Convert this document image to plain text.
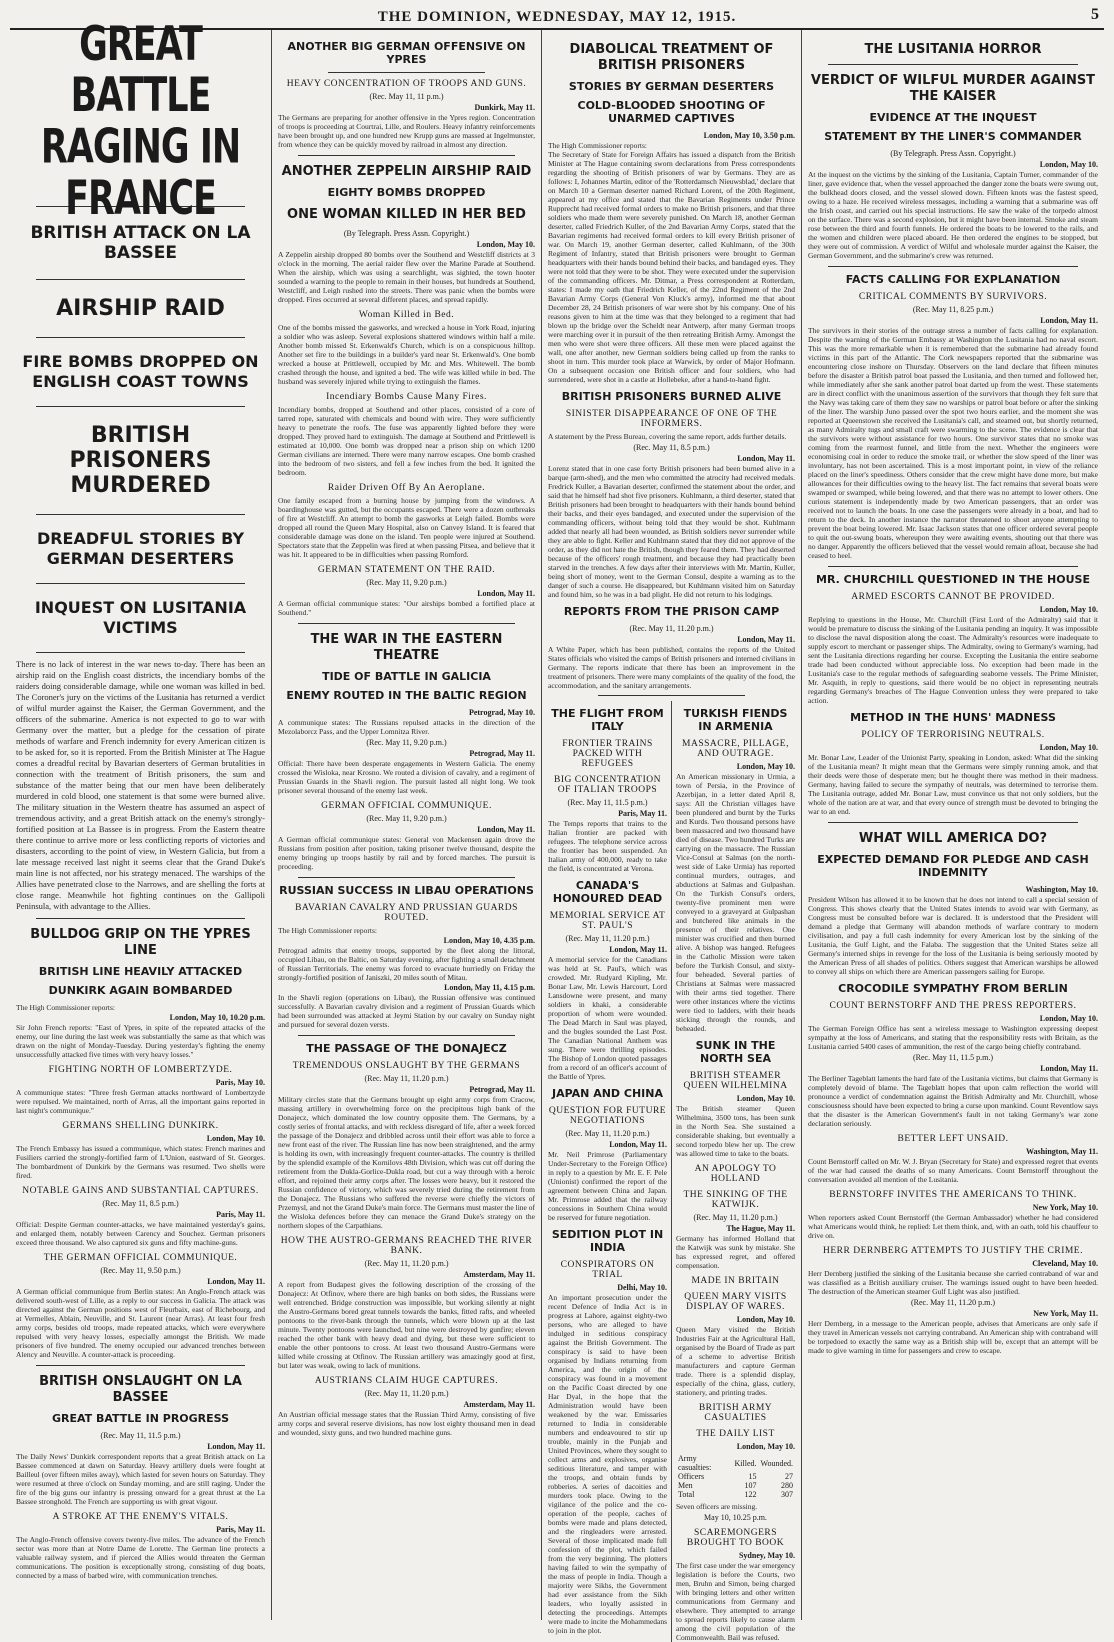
THE DOMINION, WEDNESDAY, MAY 12, 1915.	5
GREAT BATTLE RAGING IN FRANCE
BRITISH ATTACK ON LA BASSEE
AIRSHIP RAID
FIRE BOMBS DROPPED ON ENGLISH COAST TOWNS
BRITISH PRISONERS MURDERED
DREADFUL STORIES BY GERMAN DESERTERS
INQUEST ON LUSITANIA VICTIMS

There is no lack of interest in the war news to-day. There has been an airship raid on the English coast districts, the incendiary bombs of the raiders doing considerable damage, while one woman was killed in bed. The Coroner's jury on the victims of the Lusitania has returned a verdict of wilful murder against the Kaiser, the German Government, and the officers of the submarine. America is not expected to go to war with Germany over the matter, but a pledge for the cessation of pirate methods of warfare and French indemnity for every American citizen is to be asked for, so it is reported. From the British Minister at The Hague comes a dreadful recital by Bavarian deserters of German brutalities in connection with the treatment of British prisoners, the sum and substance of the matter being that our men have been deliberately murdered in cold blood, one statement is that some were burned alive. The military situation in the Western theatre has assumed an aspect of tremendous activity, and a great British attack on the enemy's strongly-fortified position at La Bassee is in progress. From the Eastern theatre there continue to arrive more or less conflicting reports of victories and disasters, according to the point of view, in Western Galicia, but from a late message received last night it seems clear that the Grand Duke's main line is not affected, nor his strategy menaced. The warships of the Allies have penetrated close to the Narrows, and are shelling the forts at close range. Meanwhile hot fighting continues on the Gallipoli Peninsula, with advantage to the Allies.

BULLDOG GRIP ON THE YPRES LINE
BRITISH LINE HEAVILY ATTACKED
DUNKIRK AGAIN BOMBARDED

The High Commissioner reports:

London, May 10, 10.20 p.m.

Sir John French reports: "East of Ypres, in spite of the repeated attacks of the enemy, our line during the last week was substantially the same as that which was drawn on the night of Monday-Tuesday. During yesterday's fighting the enemy unsuccessfully attacked five times with very heavy losses."

FIGHTING NORTH OF LOMBERTZYDE.
Paris, May 10.

A communique states: "Three fresh German attacks northward of Lombertzyde were repulsed. We maintained, north of Arras, all the important gains reported in last night's communique."

GERMANS SHELLING DUNKIRK.
London, May 10.

The French Embassy has issued a communique, which states: French marines and Fusiliers carried the strongly-fortified farm of L'Union, eastward of St. Georges. The bombardment of Dunkirk by the Germans was resumed. Two shells were fired.

NOTABLE GAINS AND SUBSTANTIAL CAPTURES.
(Rec. May 11, 8.5 p.m.)
Paris, May 11.

Official: Despite German counter-attacks, we have maintained yesterday's gains, and enlarged them, notably between Carency and Souchez. German prisoners exceed three thousand. We also captured six guns and fifty machine-guns.

THE GERMAN OFFICIAL COMMUNIQUE.
(Rec. May 11, 9.50 p.m.)
London, May 11.

A German official communique from Berlin states: An Anglo-French attack was delivered south-west of Lille, as a reply to our success in Galicia. The attack was directed against the German positions west of Fleurbaix, east of Richebourg, and at Vermelles, Ablain, Neuville, and St. Laurent (near Arras). At least four fresh army corps, besides old troops, made repeated attacks, which were everywhere repulsed with very heavy losses, especially amongst the British. We made prisoners of five hundred. The enemy occupied our advanced trenches between Alency and Neuville. A counter-attack is proceeding.

BRITISH ONSLAUGHT ON LA BASSEE
GREAT BATTLE IN PROGRESS
(Rec. May 11, 11.5 p.m.)
London, May 11.

The Daily News' Dunkirk correspondent reports that a great British attack on La Bassee commenced at dawn on Saturday. Heavy artillery duels were fought at Bailleul (over fifteen miles away), which lasted for seven hours on Saturday. They were resumed at three o'clock on Sunday morning, and are still raging. Under the fire of the big guns our infantry is pressing onward for a great thrust at the La Bassee stronghold. The French are supporting us with great vigour.

A STROKE AT THE ENEMY'S VITALS.
Paris, May 11.

The Anglo-French offensive covers twenty-five miles. The advance of the French sector was more than at Notre Dame de Lorette. The German line protects a valuable railway system, and if pierced the Allies would threaten the German communications. The position is exceptionally strong, consisting of dug boats, connected by a mass of barbed wire, with communication trenches.

ANOTHER BIG GERMAN OFFENSIVE ON YPRES
HEAVY CONCENTRATION OF TROOPS AND GUNS.
(Rec. May 11, 11 p.m.)
Dunkirk, May 11.

The Germans are preparing for another offensive in the Ypres region. Concentration of troops is proceeding at Courtrai, Lille, and Roulers. Heavy infantry reinforcements have been brought up, and one hundred new Krupp guns are massed at Ingelmunster, from whence they can be quickly moved by railroad in almost any direction.

ANOTHER ZEPPELIN AIRSHIP RAID
EIGHTY BOMBS DROPPED
ONE WOMAN KILLED IN HER BED
(By Telegraph. Press Assn. Copyright.)
London, May 10.

A Zeppelin airship dropped 80 bombs over the Southend and Westcliff districts at 3 o'clock in the morning. The aerial raider flew over the Marine Parade at Southend. When the airship, which was using a searchlight, was sighted, the town hooter sounded a warning to the people to remain in their houses, but hundreds at Southend, Westcliff, and Leigh rushed into the streets. There was panic when the bombs were dropped. Fires occurred at several different places, and spread rapidly.

Woman Killed in Bed.

One of the bombs missed the gasworks, and wrecked a house in York Road, injuring a soldier who was asleep. Several explosions shattered windows within half a mile. Another bomb missed St. Erkenwald's Church, which is on a conspicuous hilltop. Another set fire to the buildings in a builder's yard near St. Erkenwald's. One bomb wrecked a house at Prittlewell, occupied by Mr. and Mrs. Whitewell. The bomb crashed through the house, and ignited a bed. The wife was killed while in bed. The husband was severely injured while trying to extinguish the flames.

Incendiary Bombs Cause Many Fires.

Incendiary bombs, dropped at Southend and other places, consisted of a core of tarred rope, saturated with chemicals and bound with wire. They were sufficiently heavy to penetrate the roofs. The fuse was apparently lighted before they were dropped. They proved hard to extinguish. The damage at Southend and Prittlewell is estimated at 10,000. One bomb was dropped near a prison ship on which 1200 German civilians are interned. There were many narrow escapes. One bomb crashed into the bedroom of two sisters, and fell a few inches from the bed. It ignited the bedroom.

Raider Driven Off By An Aeroplane.

One family escaped from a burning house by jumping from the windows. A boardinghouse was gutted, but the occupants escaped. There were a dozen outbreaks of fire at Westcliff. An attempt to bomb the gasworks at Leigh failed. Bombs were dropped all round the Queen Mary Hospital, also on Canvey Island. It is feared that considerable damage was done on the island. Ten people were injured at Southend. Spectators state that the Zeppelin was fired at when passing Pitsea, and believe that it was hit. It appeared to be in difficulties when passing Romford.

GERMAN STATEMENT ON THE RAID.
(Rec. May 11, 9.20 p.m.)
London, May 11.

A German official communique states: "Our airships bombed a fortified place at Southend."

THE WAR IN THE EASTERN THEATRE
TIDE OF BATTLE IN GALICIA
ENEMY ROUTED IN THE BALTIC REGION
Petrograd, May 10.

A communique states: The Russians repulsed attacks in the direction of the Mezolaborcz Pass, and the Upper Lomnitza River.

(Rec. May 11, 9.20 p.m.)
Petrograd, May 11.

Official: There have been desperate engagements in Western Galicia. The enemy crossed the Wisloka, near Krosno. We routed a division of cavalry, and a regiment of Prussian Guards in the Shavli region. The pursuit lasted all night long. We took prisoner several thousand of the enemy last week.

GERMAN OFFICIAL COMMUNIQUE.
(Rec. May 11, 9.20 p.m.)
London, May 11.

A German official communique states: General von Mackensen again drove the Russians from position after position, taking prisoner twelve thousand, despite the enemy bringing up troops hastily by rail and by forced marches. The pursuit is proceeding.

RUSSIAN SUCCESS IN LIBAU OPERATIONS
BAVARIAN CAVALRY AND PRUSSIAN GUARDS ROUTED.

The High Commissioner reports:

London, May 10, 4.35 p.m.

Petrograd admits that enemy troops, supported by the fleet along the littoral, occupied Libau, on the Baltic, on Saturday evening, after fighting a small detachment of Russian Territorials. The enemy was forced to evacuate hurriedly on Friday the strongly-fortified position of Janiszki, 20 miles south of Mitau.

London, May 11, 4.15 p.m.

In the Shavli region (operations on Libau), the Russian offensive was continued successfully. A Bavarian cavalry division and a regiment of Prussian Guards which had been surrounded was attacked at Jeymi Station by our cavalry on Sunday night and pursued for several dozen versts.

THE PASSAGE OF THE DONAJECZ
TREMENDOUS ONSLAUGHT BY THE GERMANS
(Rec. May 11, 11.20 p.m.)
Petrograd, May 11.

Military circles state that the Germans brought up eight army corps from Cracow, massing artillery in overwhelming force on the precipitous high bank of the Donajecz, which dominated the low country opposite them. The Germans, by a costly series of frontal attacks, and with reckless disregard of life, after a week forced the passage of the Donajecz and dribbled across until their effort was able to force a new front east of the river. The Russian line has now been straightened, and the army is holding its own, with increasingly frequent counter-attacks. The country is thrilled by the splendid example of the Kornilovs 48th Division, which was cut off during the retirement from the Dukla-Gorlice-Dukla road, but cut a way through with a heroic effort, and rejoined their army corps after. The losses were heavy, but it restored the Russian confidence of victory, which was severely tried during the retirement from the Donajecz. The Russians who suffered the reverse were chiefly the victors of Przemysl, and not the Grand Duke's main force. The Germans must master the line of the Wisloka defences before they can menace the Grand Duke's strategy on the northern slopes of the Carpathians.

HOW THE AUSTRO-GERMANS REACHED THE RIVER BANK.
(Rec. May 11, 11.20 p.m.)
Amsterdam, May 11.

A report from Budapest gives the following description of the crossing of the Donajecz: At Otfinov, where there are high banks on both sides, the Russians were well entrenched. Bridge construction was impossible, but working silently at night the Austro-Germans bored great tunnels towards the banks, fitted rafts, and wheeled pontoons to the river-bank through the tunnels, which were blown up at the last minute. Twenty pontoons were launched, but nine were destroyed by gunfire; eleven reached the other bank with heavy dead and dying, but these were sufficient to enable the other pontoons to cross. At least two thousand Austro-Germans were killed while crossing at Otfinov. The Russian artillery was amazingly good at first, but later was weak, owing to lack of munitions.

AUSTRIANS CLAIM HUGE CAPTURES.
(Rec. May 11, 11.20 p.m.)
Amsterdam, May 11.

An Austrian official message states that the Russian Third Army, consisting of five army corps and several reserve divisions, has now lost eighty thousand men in dead and wounded, sixty guns, and two hundred machine guns.

DIABOLICAL TREATMENT OF BRITISH PRISONERS
STORIES BY GERMAN DESERTERS
COLD-BLOODED SHOOTING OF UNARMED CAPTIVES
London, May 10, 3.50 p.m.

The High Commissioner reports:

The Secretary of State for Foreign Affairs has issued a dispatch from the British Minister at The Hague containing sworn declarations from Press correspondents regarding the shooting of British prisoners of war by Germans. They are as follows: I, Johannes Martin, editor of the 'Rotterdamsch Nieuwsblad,' declare that on March 10 a German deserter named Richard Lorent, of the 20th Regiment, appeared at my office and stated that the Bavarian Regiments under Prince Rupprecht had received formal orders to make no British prisoners, and that three soldiers who made them were severely punished. On March 18, another German deserter, called Friedrich Kuller, of the 2nd Bavarian Army Corps, stated that the Bavarian regiments had received formal orders to kill every British prisoner of war. On March 19, another German deserter, called Kuhlmann, of the 30th Regiment of Infantry, stated that British prisoners were brought to German headquarters with their hands bound behind their backs, and bandaged eyes. They were not told that they were to be shot. They were executed under the supervision of the commanding officers. Mr. Ditmar, a Press correspondent at Rotterdam, states: I made my oath that Friedrich Keller, of the 22nd Regiment of the 2nd Bavarian Army Corps (General Von Kluck's army), informed me that about December 28, 24 British prisoners of war were shot by his company. One of his reasons given to him at the time was that they belonged to a regiment that had blown up the bridge over the Scheldt near Antwerp, after many German troops were marching over it in pursuit of the then retreating British Army. Amongst the men who were shot were three officers. All these men were placed against the wall, one after another, new German soldiers being called up from the ranks to shoot in turn. This murder took place at Warwick, by order of Major Hofmann. On a subsequent occasion one British officer and four soldiers, who had surrendered, were shot in a castle at Hollebeke, after a hand-to-hand fight.

BRITISH PRISONERS BURNED ALIVE
SINISTER DISAPPEARANCE OF ONE OF THE INFORMERS.

A statement by the Press Bureau, covering the same report, adds further details.

(Rec. May 11, 8.5 p.m.)
London, May 11.

Lorenz stated that in one case forty British prisoners had been burned alive in a barque (arm-shed), and the men who committed the atrocity had received medals. Fredrick Kuller, a Bavarian deserter, confirmed the statement about the order, and said that he himself had shot five prisoners. Kuhlmann, a third deserter, stated that British prisoners had been brought to headquarters with their hands bound behind their backs, and their eyes bandaged, and executed under the supervision of the commanding officers, without being told that they would be shot. Kuhlmann added that nearly all had been wounded, as British soldiers never surrender while they are able to fight. Keller and Kuhlmann stated that they did not approve of the order, as they did not hate the British, though they feared them. They had deserted because of the officers' rough treatment, and because they had practically been starved in the trenches. A few days after their interviews with Mr. Martin, Kuller, being short of money, went to the German Consul, despite a warning as to the danger of such a course. He disappeared, but Kuhlmann visited him on Saturday and found him, so he was in a bad plight. He did not return to his lodgings.

REPORTS FROM THE PRISON CAMP
(Rec. May 11, 11.20 p.m.)
London, May 11.

A White Paper, which has been published, contains the reports of the United States officials who visited the camps of British prisoners and interned civilians in Germany. The reports indicate that there has been an improvement in the treatment of prisoners. There were many complaints of the quality of the food, the accommodation, and the sanitary arrangements.

THE FLIGHT FROM ITALY
FRONTIER TRAINS PACKED WITH REFUGEES
BIG CONCENTRATION OF ITALIAN TROOPS
(Rec. May 11, 11.5 p.m.)
Paris, May 11.

The Temps reports that trains to the Italian frontier are packed with refugees. The telephone service across the frontier has been suspended. An Italian army of 400,000, ready to take the field, is concentrated at Verona.

CANADA'S HONOURED DEAD
MEMORIAL SERVICE AT ST. PAUL'S
(Rec. May 11, 11.20 p.m.)
London, May 11.

A memorial service for the Canadians was held at St. Paul's, which was crowded. Mr. Rudyard Kipling, Mr. Bonar Law, Mr. Lewis Harcourt, Lord Lansdowne were present, and many soldiers in khaki, a considerable proportion of whom were wounded. The Dead March in Saul was played, and the bugles sounded the Last Post. The Canadian National Anthem was sung. There were thrilling episodes. The Bishop of London quoted passages from a record of an officer's account of the Battle of Ypres.

JAPAN AND CHINA
QUESTION FOR FUTURE NEGOTIATIONS
(Rec. May 11, 11.20 p.m.)
London, May 11.

Mr. Neil Primrose (Parliamentary Under-Secretary to the Foreign Office) in reply to a question by Mr. E. F. Pele (Unionist) confirmed the report of the agreement between China and Japan. Mr. Primrose added that the railway concessions in Southern China would be reserved for future negotiation.

SEDITION PLOT IN INDIA
CONSPIRATORS ON TRIAL
Delhi, May 10.

An important prosecution under the recent Defence of India Act is in progress at Lahore, against eighty-two persons, who are alleged to have indulged in seditious conspiracy against the British Government. The conspiracy is said to have been organised by Indians returning from America, and the origin of the conspiracy was found in a movement on the Pacific Coast directed by one Har Dyal, in the hope that the Administration would have been weakened by the war. Emissaries returned to India in considerable numbers and endeavoured to stir up trouble, mainly in the Punjab and United Provinces, where they sought to collect arms and explosives, organise seditious literature, and tamper with the troops, and obtain funds by robberies. A series of dacoities and murders took place. Owing to the vigilance of the police and the co-operation of the people, caches of bombs were made and plans detected, and the ringleaders were arrested. Several of those implicated made full confession of the plot, which failed from the very beginning. The plotters having failed to win the sympathy of the mass of people in India. Though a majority were Sikhs, the Government had ever assistance from the Sikh leaders, who loyally assisted in detecting the proceedings. Attempts were made to incite the Mohammedans to join in the plot.

TURKISH FIENDS IN ARMENIA
MASSACRE, PILLAGE, AND OUTRAGE.
London, May 10.

An American missionary in Urmia, a town of Persia, in the Province of Azerbijan, in a letter dated April 8, says: All the Christian villages have been plundered and burnt by the Turks and Kurds. Two thousand persons have been massacred and two thousand have died of disease. Two hundred Turks are carrying on the massacre. The Russian Vice-Consul at Salmas (on the north-west side of Lake Urmia) has reported continual murders, outrages, and abductions at Salmas and Gulpashan. On the Turkish Consul's orders, twenty-five prominent men were conveyed to a graveyard at Gulpashan and butchered like animals in the presence of their relatives. One minister was crucified and then burned alive. A bishop was hanged. Refugees in the Catholic Mission were taken before the Turkish Consul, and sixty-four beheaded. Several parties of Christians at Salmas were massacred with their arms tied together. There were other instances where the victims were tied to ladders, with their heads sticking through the rounds, and beheaded.

SUNK IN THE NORTH SEA
BRITISH STEAMER QUEEN WILHELMINA
London, May 10.

The British steamer Queen Wilhelmina, 3500 tons, has been sunk in the North Sea. She sustained a considerable shaking, but eventually a second torpedo blew her up. The crew was allowed time to take to the boats.

AN APOLOGY TO HOLLAND
THE SINKING OF THE KATWIJK.
(Rec. May 11, 11.20 p.m.)
The Hague, May 11.

Germany has informed Holland that the Katwijk was sunk by mistake. She has expressed regret, and offered compensation.

MADE IN BRITAIN
QUEEN MARY VISITS DISPLAY OF WARES.
London, May 10.

Queen Mary visited the British Industries Fair at the Agricultural Hall, organised by the Board of Trade as part of a scheme to advertise British manufacturers and capture German trade. There is a splendid display, especially of the china, glass, cutlery, stationery, and printing trades.

BRITISH ARMY CASUALTIES
THE DAILY LIST
London, May 10.
Army casualties:	Killed.	Wounded.
Officers	15	27
Men	107	280
Total	122	307

Seven officers are missing.

May 10, 10.25 p.m.
SCAREMONGERS BROUGHT TO BOOK
Sydney, May 10.

The first case under the war emergency legislation is before the Courts, two men, Bruhn and Simon, being charged with bringing letters and other written communications from Germany and elsewhere. They attempted to arrange to spread reports likely to cause alarm among the civil population of the Commonwealth. Bail was refused.

THE LUSITANIA HORROR
VERDICT OF WILFUL MURDER AGAINST THE KAISER
EVIDENCE AT THE INQUEST
STATEMENT BY THE LINER'S COMMANDER
(By Telegraph. Press Assn. Copyright.)
London, May 10.

At the inquest on the victims by the sinking of the Lusitania, Captain Turner, commander of the liner, gave evidence that, when the vessel approached the danger zone the boats were swung out, the bulkhead doors closed, and the vessel slowed down. Fifteen knots was the fastest speed, owing to a haze. He received wireless messages, including a warning that a submarine was off the Irish coast, and carried out his special instructions. He saw the wake of the torpedo almost on the surface. There was a second explosion, but it might have been internal. Smoke and steam rose between the third and fourth funnels. He ordered the boats to be lowered to the rails, and the women and children were placed aboard. He then ordered the engines to be stopped, but they were out of commission. A verdict of Wilful and wholesale murder against the Kaiser, the German Government, and the submarine's crew was returned.

FACTS CALLING FOR EXPLANATION
CRITICAL COMMENTS BY SURVIVORS.
(Rec. May 11, 8.25 p.m.)
London, May 11.

The survivors in their stories of the outrage stress a number of facts calling for explanation. Despite the warning of the German Embassy at Washington the Lusitania had no naval escort. This was the more remarkable when it is remembered that the submarine had already found victims in this part of the Atlantic. The Cork newspapers reported that the submarine was encountering close inshore on Thursday. Observers on the land declare that fifteen minutes before the disaster a British patrol boat passed the Lusitania, and then turned and followed her, while immediately after she sank another patrol boat darted up from the west. These statements are in direct conflict with the unanimous assertion of the survivors that though they felt sure that the Navy was taking care of them they saw no warships or patrol boat before or after the sinking of the liner. The warship Juno passed over the spot two hours earlier, and the moment she was reported at Queenstown she received the Lusitania's call, and steamed out, but shortly returned, as many Admiralty tugs and small craft were swarming to the scene. The evidence is clear that the survivors were without assistance for two hours. One survivor states that no smoke was coming from the rearmost funnel, and little from the next. Whether the engineers were economising coal in order to reduce the smoke trail, or whether the slow speed of the liner was involuntary, has not been ascertained. This is a most important point, in view of the reliance placed on the liner's speediness. Others consider that the crew might have done more, but make allowances for their difficulties owing to the heavy list. The fact remains that several boats were swamped or swamped, while being lowered, and that there was no attempt to lower others. One curious statement is independently made by two American passengers, that an order was received not to launch the boats. In one case the passengers were already in a boat, and had to return to the deck. In another instance the narrator threatened to shoot anyone attempting to prevent the boat being lowered. Mr. Isaac Jackson states that one officer ordered several people to quit the out-swung boats, whereupon they were awaiting events, shouting out that there was no danger. Apparently the officers believed that the vessel would remain afloat, because she had ceased to heel.

MR. CHURCHILL QUESTIONED IN THE HOUSE
ARMED ESCORTS CANNOT BE PROVIDED.
London, May 10.

Replying to questions in the House, Mr. Churchill (First Lord of the Admiralty) said that it would be premature to discuss the sinking of the Lusitania pending an inquiry. It was impossible to disclose the naval disposition along the coast. The Admiralty's resources were inadequate to supply escort to merchant or passenger ships. The Admiralty, owing to Germany's warning, had sent the Lusitania directions regarding her course. Excepting the Lusitania the entire seaborne trade had been conducted without appreciable loss. No exception had been made in the Lusitania's case to the regular methods of safeguarding seaborne vessels. The Prime Minister, Mr. Asquith, in reply to questions, said there would be no object in representing neutrals regarding Germany's breaches of The Hague Convention unless they were prepared to take action.

METHOD IN THE HUNS' MADNESS
POLICY OF TERRORISING NEUTRALS.
London, May 10.

Mr. Bonar Law, Leader of the Unionist Party, speaking in London, asked: What did the sinking of the Lusitania mean? It might mean that the Germans were simply running amok, and that their deeds were those of desperate men; but he thought there was method in their madness. Germany, having failed to secure the sympathy of neutrals, was determined to terrorise them. The Lusitania outrage, added Mr. Bonar Law, must convince us that not only soldiers, but the whole of the nation are at war, and that every ounce of strength must be devoted to bringing the war to an end.

WHAT WILL AMERICA DO?
EXPECTED DEMAND FOR PLEDGE AND CASH INDEMNITY
Washington, May 10.

President Wilson has allowed it to be known that he does not intend to call a special session of Congress. This shows clearly that the United States intends to avoid war with Germany, as Congress must be consulted before war is declared. It is understood that the President will demand a pledge that Germany will abandon methods of warfare contrary to modern civilisation, and pay a full cash indemnity for every American lost by the sinking of the Lusitania, the Gulf Light, and the Falaba. The suggestion that the United States seize all Germany's interned ships in revenge for the loss of the Lusitania is being seriously mooted by the American Press of all shades of politics. Others suggest that American warships be allowed to convey all ships on which there are American passengers sailing for Europe.

CROCODILE SYMPATHY FROM BERLIN
COUNT BERNSTORFF AND THE PRESS REPORTERS.
London, May 10.

The German Foreign Office has sent a wireless message to Washington expressing deepest sympathy at the loss of Americans, and stating that the responsibility rests with Britain, as the Lusitania carried 5400 cases of ammunition, the rest of the cargo being chiefly contraband.

(Rec. May 11, 11.5 p.m.)
London, May 11.

The Berliner Tageblatt laments the hard fate of the Lusitania victims, but claims that Germany is completely devoid of blame. The Tageblatt hopes that upon calm reflection the world will pronounce a verdict of condemnation against the British Admiralty and Mr. Churchill, whose consciousness should have been expected to bring a curse upon mankind. Count Reventlow says that the disaster is the American Government's fault in not taking Germany's war zone declaration seriously.

BETTER LEFT UNSAID.
Washington, May 11.

Count Bernstorff called on Mr. W. J. Bryan (Secretary for State) and expressed regret that events of the war had caused the deaths of so many Americans. Count Bernstorff throughout the conversation avoided all mention of the Lusitania.

BERNSTORFF INVITES THE AMERICANS TO THINK.
New York, May 10.

When reporters asked Count Bernstorff (the German Ambassador) whether he had considered what Americans would think, he replied: Let them think, and, with an oath, told his chauffeur to drive on.

HERR DERNBERG ATTEMPTS TO JUSTIFY THE CRIME.
Cleveland, May 10.

Herr Dernberg justified the sinking of the Lusitania because she carried contraband of war and was classified as a British auxiliary cruiser. The warnings issued ought to have been heeded. The destruction of the American steamer Gulf Light was also justified.

(Rec. May 11, 11.20 p.m.)
New York, May 11.

Herr Dernberg, in a message to the American people, advises that Americans are only safe if they travel in American vessels not carrying contraband. An American ship with contraband will be torpedoed to exactly the same way as a British ship will be, except that an attempt will be made to give warning in time for passengers and crew to escape.
